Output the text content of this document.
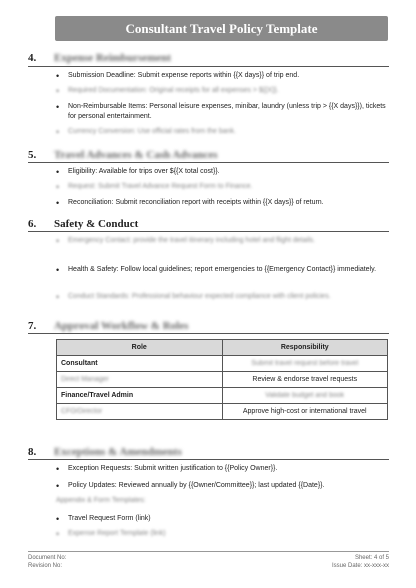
Consultant Travel Policy Template
4. Expense Reimbursement
• Submission Deadline: Submit expense reports within {{X days}} of trip end.
• Required Documentation: Original receipts for all expenses > ${{X}}.
• Non-Reimbursable Items: Personal leisure expenses, minibar, laundry (unless trip > {{X days}}), tickets for personal entertainment.
• Currency Conversion: Use official rates from the bank.
5. Travel Advances & Cash Advances
• Eligibility: Available for trips over ${{X total cost}}.
• Request: Submit Travel Advance Request Form to Finance.
• Reconciliation: Submit reconciliation report with receipts within {{X days}} of return.
6. Safety & Conduct
• Emergency Contact: provide the travel itinerary including hotel and flight details.
• Health & Safety: Follow local guidelines; report emergencies to {{Emergency Contact}} immediately.
• Conduct Standards: Professional behaviour expected compliance with client policies.
7. Approval Workflow & Roles
Role	Responsibility
Consultant	Submit travel request before travel
Direct Manager	Review & endorse travel requests
Finance/Travel Admin	Validate budget and book
CFO/Director	Approve high-cost or international travel
8. Exceptions & Amendments
• Exception Requests: Submit written justification to {{Policy Owner}}.
• Policy Updates: Reviewed annually by {{Owner/Committee}}; last updated {{Date}}.
Appendix & Form Templates:
• Travel Request Form (link)
• Expense Report Template (link)
Document No:
Revision No:
Sheet: 4 of 5
Issue Date: xx-xxx-xx
